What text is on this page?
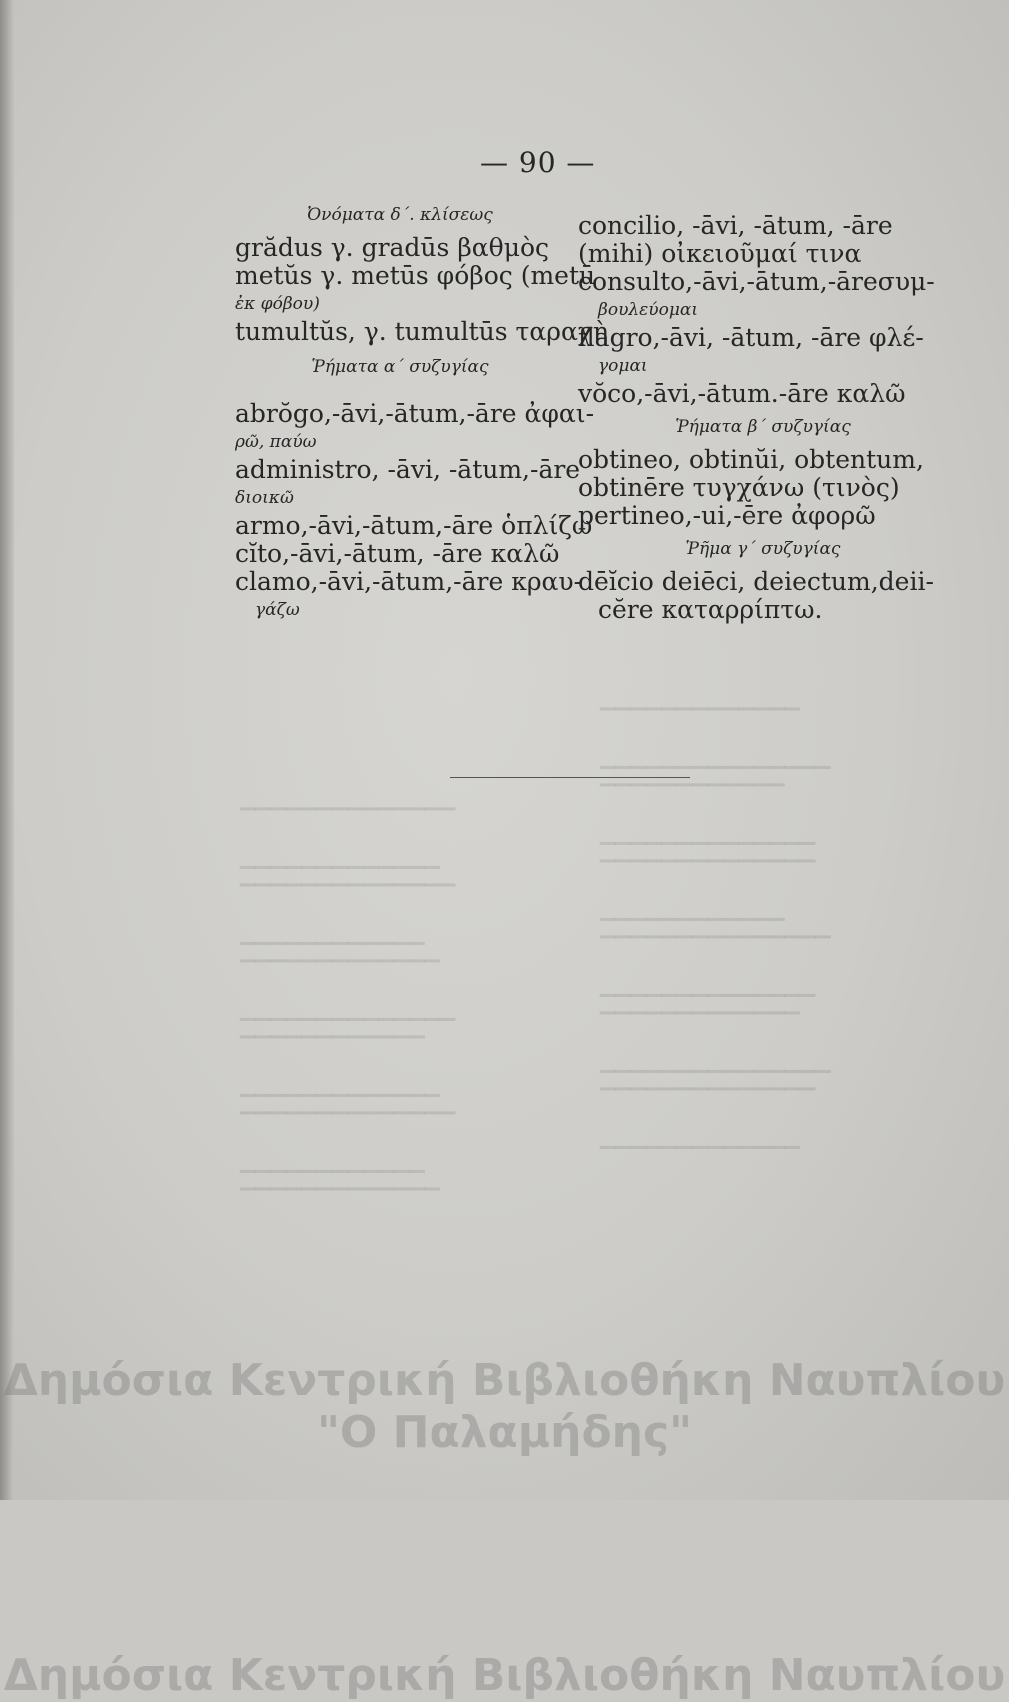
▔▔▔▔▔▔▔▔▔▔▔▔▔
▁▁▁▁▁▁▁▁▁▁▁▁▁▁▁
▔▔▔▔▔▔▔▔▔▔▔▔
▁▁▁▁▁▁▁▁▁▁▁▁▁▁
▔▔▔▔▔▔▔▔▔▔▔▔▔▔
▁▁▁▁▁▁▁▁▁▁▁▁
▔▔▔▔▔▔▔▔▔▔▔▔▔▔▔
▁▁▁▁▁▁▁▁▁▁▁▁▁▁
▔▔▔▔▔▔▔▔▔▔▔▔▔
▁▁▁▁▁▁▁▁▁▁▁▁▁▁▁
▔▔▔▔▔▔▔▔▔▔▔▔▔▔
▁▁▁▁▁▁▁▁▁▁▁▁▁
▔▔▔▔▔▔▔▔▔▔▔▔▔▔
▁▁▁▁▁▁▁▁▁▁▁▁▁
▔▔▔▔▔▔▔▔▔▔▔▔▔▔
▁▁▁▁▁▁▁▁▁▁▁▁
▔▔▔▔▔▔▔▔▔▔▔▔▔
▁▁▁▁▁▁▁▁▁▁▁▁▁▁
▔▔▔▔▔▔▔▔▔▔▔▔
▁▁▁▁▁▁▁▁▁▁▁▁▁
▔▔▔▔▔▔▔▔▔▔▔▔▔▔
▁▁▁▁▁▁▁▁▁▁▁▁
▔▔▔▔▔▔▔▔▔▔▔▔▔
— 90 —
Ὀνόματα δ΄. κλίσεως
grădus γ. gradūs βαθμὸς
metŭs γ. metūs φόβος (metū
ἐκ φόβου)
tumultŭs, γ. tumultūs ταραχὴ
Ῥήματα α΄ συζυγίας
abrŏgo,-āvi,-ātum,-āre ἀφαι-
ρῶ, παύω
administro, -āvi, -ātum,-āre
διοικῶ
armo,-āvi,-ātum,-āre ὁπλίζω
cĭto,-āvi,-ātum, -āre καλῶ
clamo,-āvi,-ātum,-āre κραυ-
γάζω
concilio, -āvi, -ātum, -āre
(mihi) οἰκειοῦμαί τινα
consulto,-āvi,-ātum,-āreσυμ-
βουλεύομαι
flagro,-āvi, -ātum, -āre φλέ-
γομαι
vŏco,-āvi,-ātum.-āre καλῶ
Ῥήματα β΄ συζυγίας
obtineo, obtinŭi, obtentum,
obtinēre τυγχάνω (τινὸς)
pertineo,-ui,-ēre ἀφορῶ
Ῥῆμα γ΄ συζυγίας
dēĭcio deiēci, deiectum,deii-
cĕre καταρρίπτω.
Δημόσια Κεντρική Βιβλιοθήκη Ναυπλίου
Δημόσια Κεντρική Βιβλιοθήκη Ναυπλίου
"Ο Παλαμήδης"
